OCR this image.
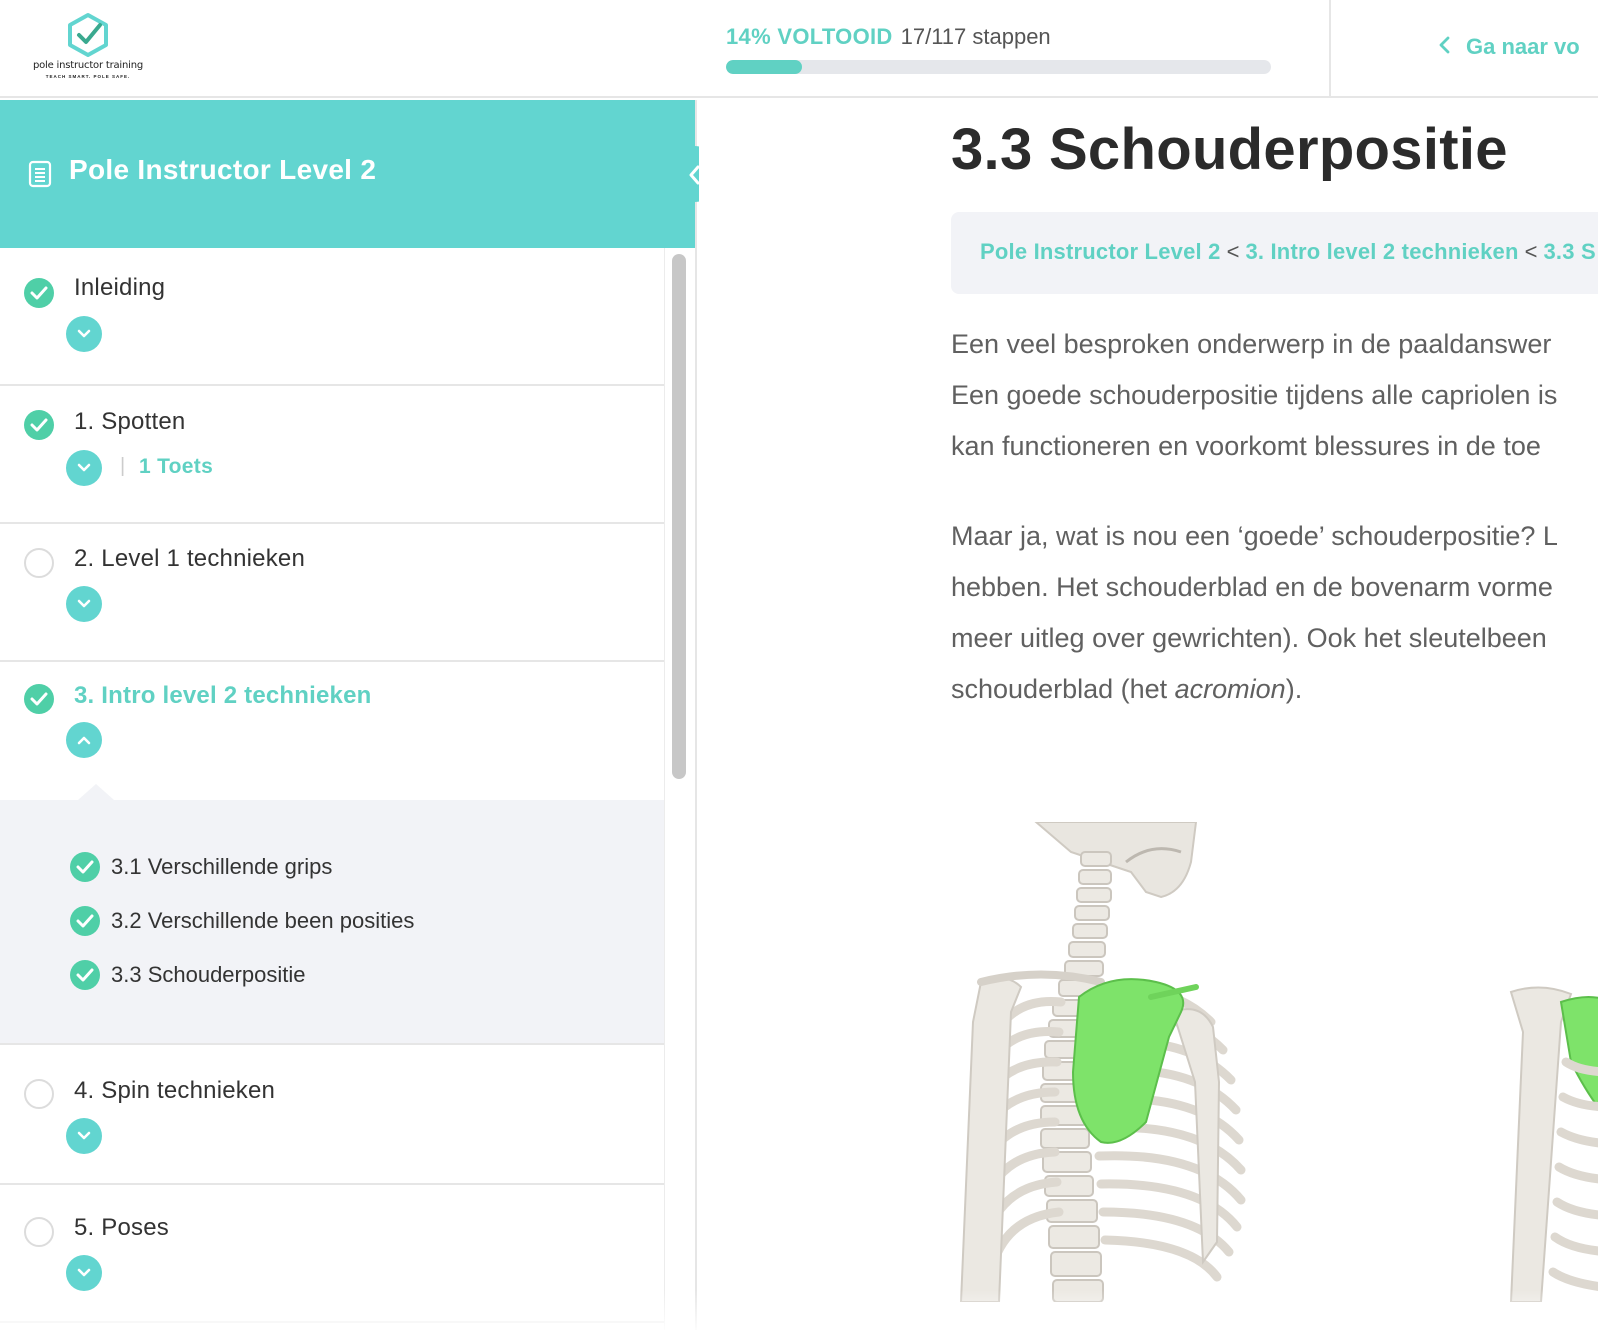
pole instructor training
TEACH SMART. POLE SAFE.
14% VOLTOOID 17/117 stappen	Ga naar vo
Pole Instructor Level 2
Inleiding
1. Spotten
| 1 Toets
2. Level 1 technieken
3. Intro level 2 technieken
3.1 Verschillende grips
3.2 Verschillende been posities
3.3 Schouderpositie
4. Spin technieken
5. Poses
3.3 Schouderpositie
Pole Instructor Level 2 < 3. Intro level 2 technieken < 3.3 S
Een veel besproken onderwerp in de paaldanswer
Een goede schouderpositie tijdens alle capriolen is
kan functioneren en voorkomt blessures in de toe
Maar ja, wat is nou een ‘goede’ schouderpositie? L
hebben. Het schouderblad en de bovenarm vorme
meer uitleg over gewrichten). Ook het sleutelbeen
schouderblad (het acromion).
